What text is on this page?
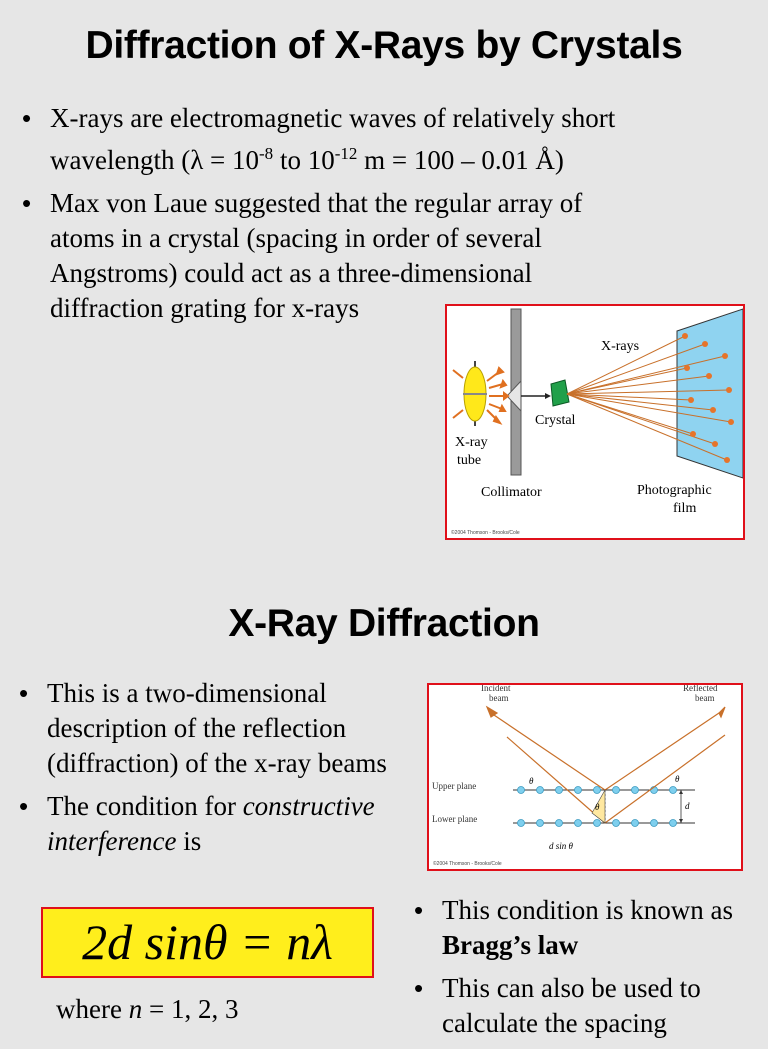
Diffraction of X-Rays by Crystals
• X-rays are electromagnetic waves of relatively short
wavelength ($\lambda = 10^{-8}$ to $10^{-12}$ m = 100 – 0.01 Å)
• Max von Laue suggested that the regular array of atoms in a crystal (spacing in order of several Angstroms) could act as a three-dimensional diffraction grating for x-rays
X-rays
Crystal
X-ray
tube
Collimator	Photographic
film
©2004 Thomson - Brooks/Cole
X-Ray Diffraction
• This is a two-dimensional description of the reflection (diffraction) of the x-ray beams
• The condition for constructive interference is
Incident
beam
Reflected
beam
Upper plane
Lower plane
θ	θ
θ	d
d sin θ
©2004 Thomson - Brooks/Cole
2d sinθ = nλ
where n = 1, 2, 3
• This condition is known as Bragg’s law
• This can also be used to calculate the spacing
